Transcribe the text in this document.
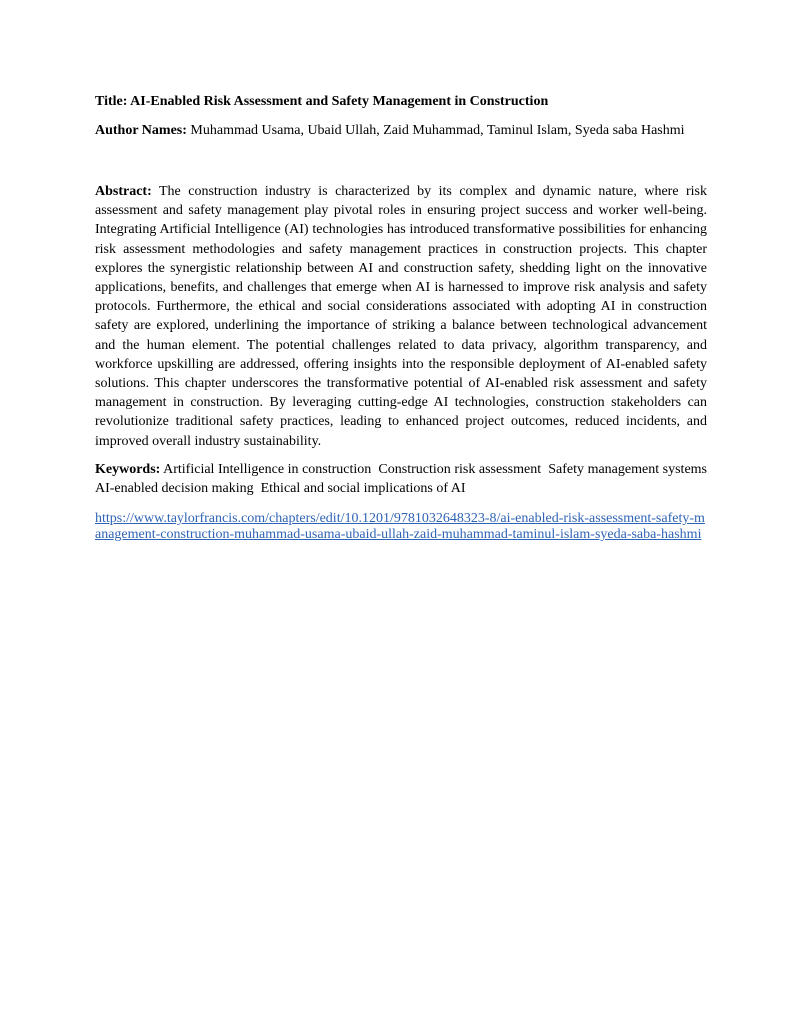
Title: AI-Enabled Risk Assessment and Safety Management in Construction

Author Names: Muhammad Usama, Ubaid Ullah, Zaid Muhammad, Taminul Islam, Syeda saba Hashmi

Abstract: The construction industry is characterized by its complex and dynamic nature, where risk assessment and safety management play pivotal roles in ensuring project success and worker well-being. Integrating Artificial Intelligence (AI) technologies has introduced transformative possibilities for enhancing risk assessment methodologies and safety management practices in construction projects. This chapter explores the synergistic relationship between AI and construction safety, shedding light on the innovative applications, benefits, and challenges that emerge when AI is harnessed to improve risk analysis and safety protocols. Furthermore, the ethical and social considerations associated with adopting AI in construction safety are explored, underlining the importance of striking a balance between technological advancement and the human element. The potential challenges related to data privacy, algorithm transparency, and workforce upskilling are addressed, offering insights into the responsible deployment of AI-enabled safety solutions. This chapter underscores the transformative potential of AI-enabled risk assessment and safety management in construction. By leveraging cutting-edge AI technologies, construction stakeholders can revolutionize traditional safety practices, leading to enhanced project outcomes, reduced incidents, and improved overall industry sustainability.

Keywords: Artificial Intelligence in construction  Construction risk assessment  Safety management systems  AI-enabled decision making  Ethical and social implications of AI

https://www.taylorfrancis.com/chapters/edit/10.1201/9781032648323-8/ai-enabled-risk-assessment-safety-management-construction-muhammad-usama-ubaid-ullah-zaid-muhammad-taminul-islam-syeda-saba-hashmi
